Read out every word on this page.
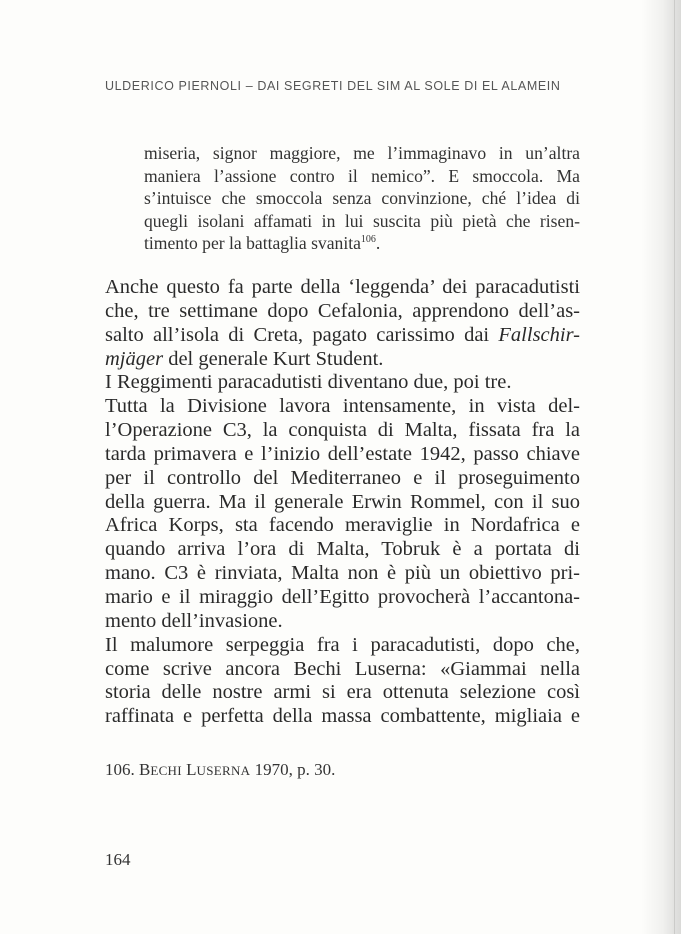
ULDERICO PIERNOLI – DAI SEGRETI DEL SIM AL SOLE DI EL ALAMEIN
miseria, signor maggiore, me l’immaginavo in un’altra
maniera l’assione contro il nemico”. E smoccola. Ma
s’intuisce che smoccola senza convinzione, ché l’idea di
quegli isolani affamati in lui suscita più pietà che risen-
timento per la battaglia svanita$^{106}$.
Anche questo fa parte della ‘leggenda’ dei paracadutisti
che, tre settimane dopo Cefalonia, apprendono dell’as-
salto all’isola di Creta, pagato carissimo dai Fallschir-
mjäger del generale Kurt Student.
I Reggimenti paracadutisti diventano due, poi tre.
Tutta la Divisione lavora intensamente, in vista del-
l’Operazione C3, la conquista di Malta, fissata fra la
tarda primavera e l’inizio dell’estate 1942, passo chiave
per il controllo del Mediterraneo e il proseguimento
della guerra. Ma il generale Erwin Rommel, con il suo
Africa Korps, sta facendo meraviglie in Nordafrica e
quando arriva l’ora di Malta, Tobruk è a portata di
mano. C3 è rinviata, Malta non è più un obiettivo pri-
mario e il miraggio dell’Egitto provocherà l’accantona-
mento dell’invasione.
Il malumore serpeggia fra i paracadutisti, dopo che,
come scrive ancora Bechi Luserna: «Giammai nella
storia delle nostre armi si era ottenuta selezione così
raffinata e perfetta della massa combattente, migliaia e
106. BECHI LUSERNA 1970, p. 30.
164
